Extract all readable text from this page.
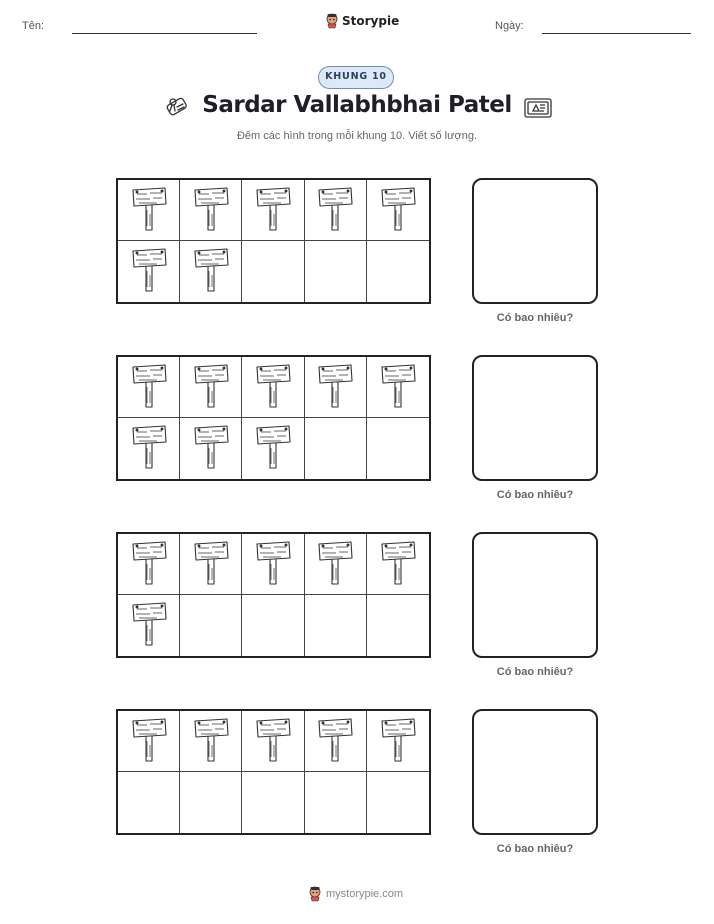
Tên:	Storypie	Ngày:
KHUNG 10
Sardar Vallabhbhai Patel
Đếm các hình trong mỗi khung 10. Viết số lượng.
Có bao nhiêu?
Có bao nhiêu?
Có bao nhiêu?
Có bao nhiêu?
mystorypie.com
